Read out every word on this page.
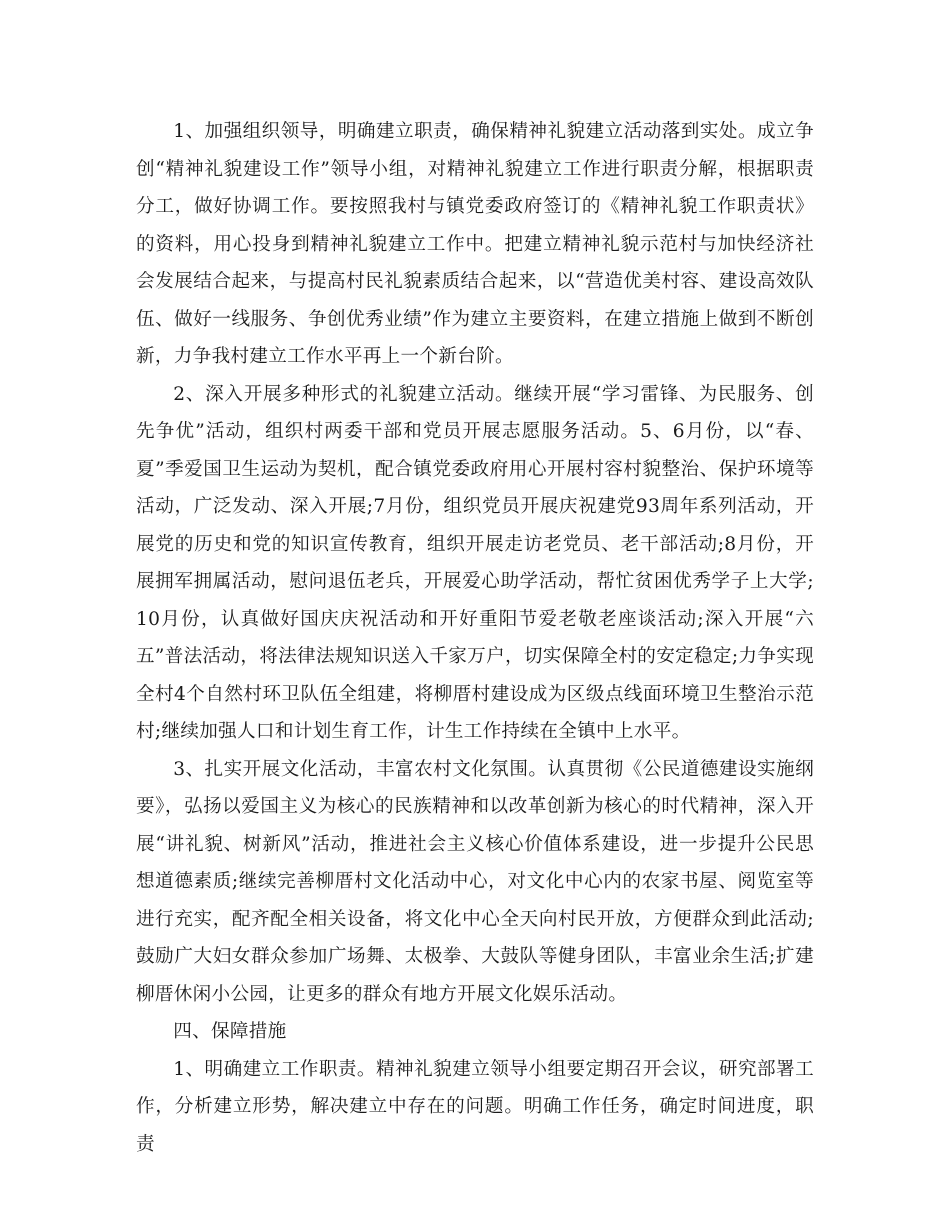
1、加强组织领导，明确建立职责，确保精神礼貌建立活动落到实处。成立争创“精神礼貌建设工作”领导小组，对精神礼貌建立工作进行职责分解，根据职责分工，做好协调工作。要按照我村与镇党委政府签订的《精神礼貌工作职责状》的资料，用心投身到精神礼貌建立工作中。把建立精神礼貌示范村与加快经济社会发展结合起来，与提高村民礼貌素质结合起来，以“营造优美村容、建设高效队伍、做好一线服务、争创优秀业绩”作为建立主要资料，在建立措施上做到不断创新，力争我村建立工作水平再上一个新台阶。

2、深入开展多种形式的礼貌建立活动。继续开展“学习雷锋、为民服务、创先争优”活动，组织村两委干部和党员开展志愿服务活动。5、6月份，以“春、夏”季爱国卫生运动为契机，配合镇党委政府用心开展村容村貌整治、保护环境等活动，广泛发动、深入开展;7月份，组织党员开展庆祝建党93周年系列活动，开展党的历史和党的知识宣传教育，组织开展走访老党员、老干部活动;8月份，开展拥军拥属活动，慰问退伍老兵，开展爱心助学活动，帮忙贫困优秀学子上大学;10月份，认真做好国庆庆祝活动和开好重阳节爱老敬老座谈活动;深入开展“六五”普法活动，将法律法规知识送入千家万户，切实保障全村的安定稳定;力争实现全村4个自然村环卫队伍全组建，将柳厝村建设成为区级点线面环境卫生整治示范村;继续加强人口和计划生育工作，计生工作持续在全镇中上水平。

3、扎实开展文化活动，丰富农村文化氛围。认真贯彻《公民道德建设实施纲要》，弘扬以爱国主义为核心的民族精神和以改革创新为核心的时代精神，深入开展“讲礼貌、树新风”活动，推进社会主义核心价值体系建设，进一步提升公民思想道德素质;继续完善柳厝村文化活动中心，对文化中心内的农家书屋、阅览室等进行充实，配齐配全相关设备，将文化中心全天向村民开放，方便群众到此活动;鼓励广大妇女群众参加广场舞、太极拳、大鼓队等健身团队，丰富业余生活;扩建柳厝休闲小公园，让更多的群众有地方开展文化娱乐活动。

四、保障措施

1、明确建立工作职责。精神礼貌建立领导小组要定期召开会议，研究部署工作，分析建立形势，解决建立中存在的问题。明确工作任务，确定时间进度，职责
